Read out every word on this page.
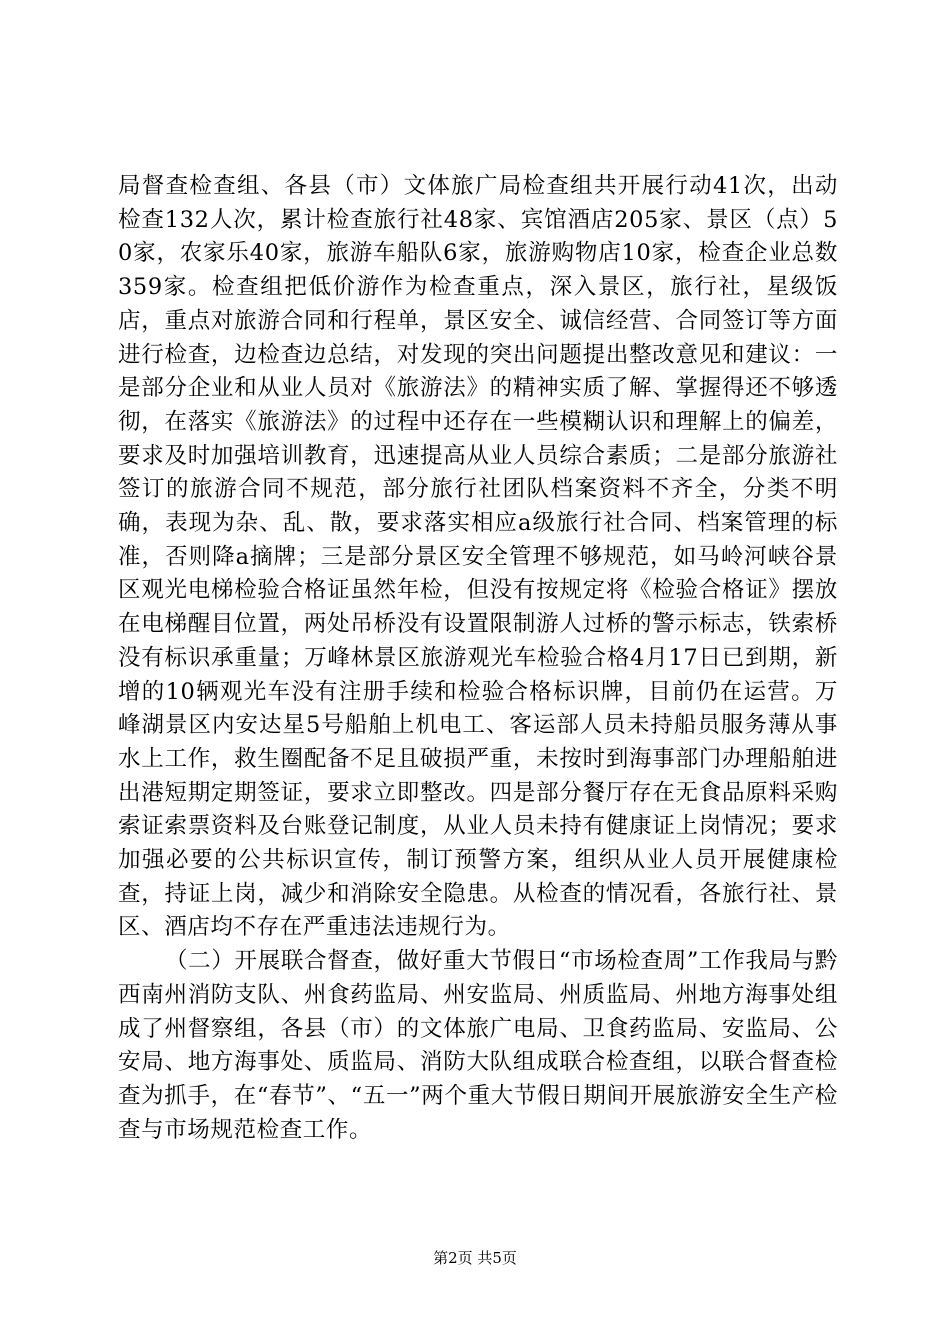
局督查检查组、各县（市）文体旅广局检查组共开展行动41次，出动检查132人次，累计检查旅行社48家、宾馆酒店205家、景区（点）50家，农家乐40家，旅游车船队6家，旅游购物店10家，检查企业总数359家。检查组把低价游作为检查重点，深入景区，旅行社，星级饭店，重点对旅游合同和行程单，景区安全、诚信经营、合同签订等方面进行检查，边检查边总结，对发现的突出问题提出整改意见和建议：一是部分企业和从业人员对《旅游法》的精神实质了解、掌握得还不够透彻，在落实《旅游法》的过程中还存在一些模糊认识和理解上的偏差，要求及时加强培训教育，迅速提高从业人员综合素质；二是部分旅游社签订的旅游合同不规范，部分旅行社团队档案资料不齐全，分类不明确，表现为杂、乱、散，要求落实相应a级旅行社合同、档案管理的标准，否则降a摘牌；三是部分景区安全管理不够规范，如马岭河峡谷景区观光电梯检验合格证虽然年检，但没有按规定将《检验合格证》摆放在电梯醒目位置，两处吊桥没有设置限制游人过桥的警示标志，铁索桥没有标识承重量；万峰林景区旅游观光车检验合格4月17日已到期，新增的10辆观光车没有注册手续和检验合格标识牌，目前仍在运营。万峰湖景区内安达星5号船舶上机电工、客运部人员未持船员服务薄从事水上工作，救生圈配备不足且破损严重，未按时到海事部门办理船舶进出港短期定期签证，要求立即整改。四是部分餐厅存在无食品原料采购索证索票资料及台账登记制度，从业人员未持有健康证上岗情况；要求加强必要的公共标识宣传，制订预警方案，组织从业人员开展健康检查，持证上岗，减少和消除安全隐患。从检查的情况看，各旅行社、景区、酒店均不存在严重违法违规行为。

（二）开展联合督查，做好重大节假日“市场检查周”工作我局与黔西南州消防支队、州食药监局、州安监局、州质监局、州地方海事处组成了州督察组，各县（市）的文体旅广电局、卫食药监局、安监局、公安局、地方海事处、质监局、消防大队组成联合检查组，以联合督查检查为抓手，在“春节”、“五一”两个重大节假日期间开展旅游安全生产检查与市场规范检查工作。

第2页 共5页
